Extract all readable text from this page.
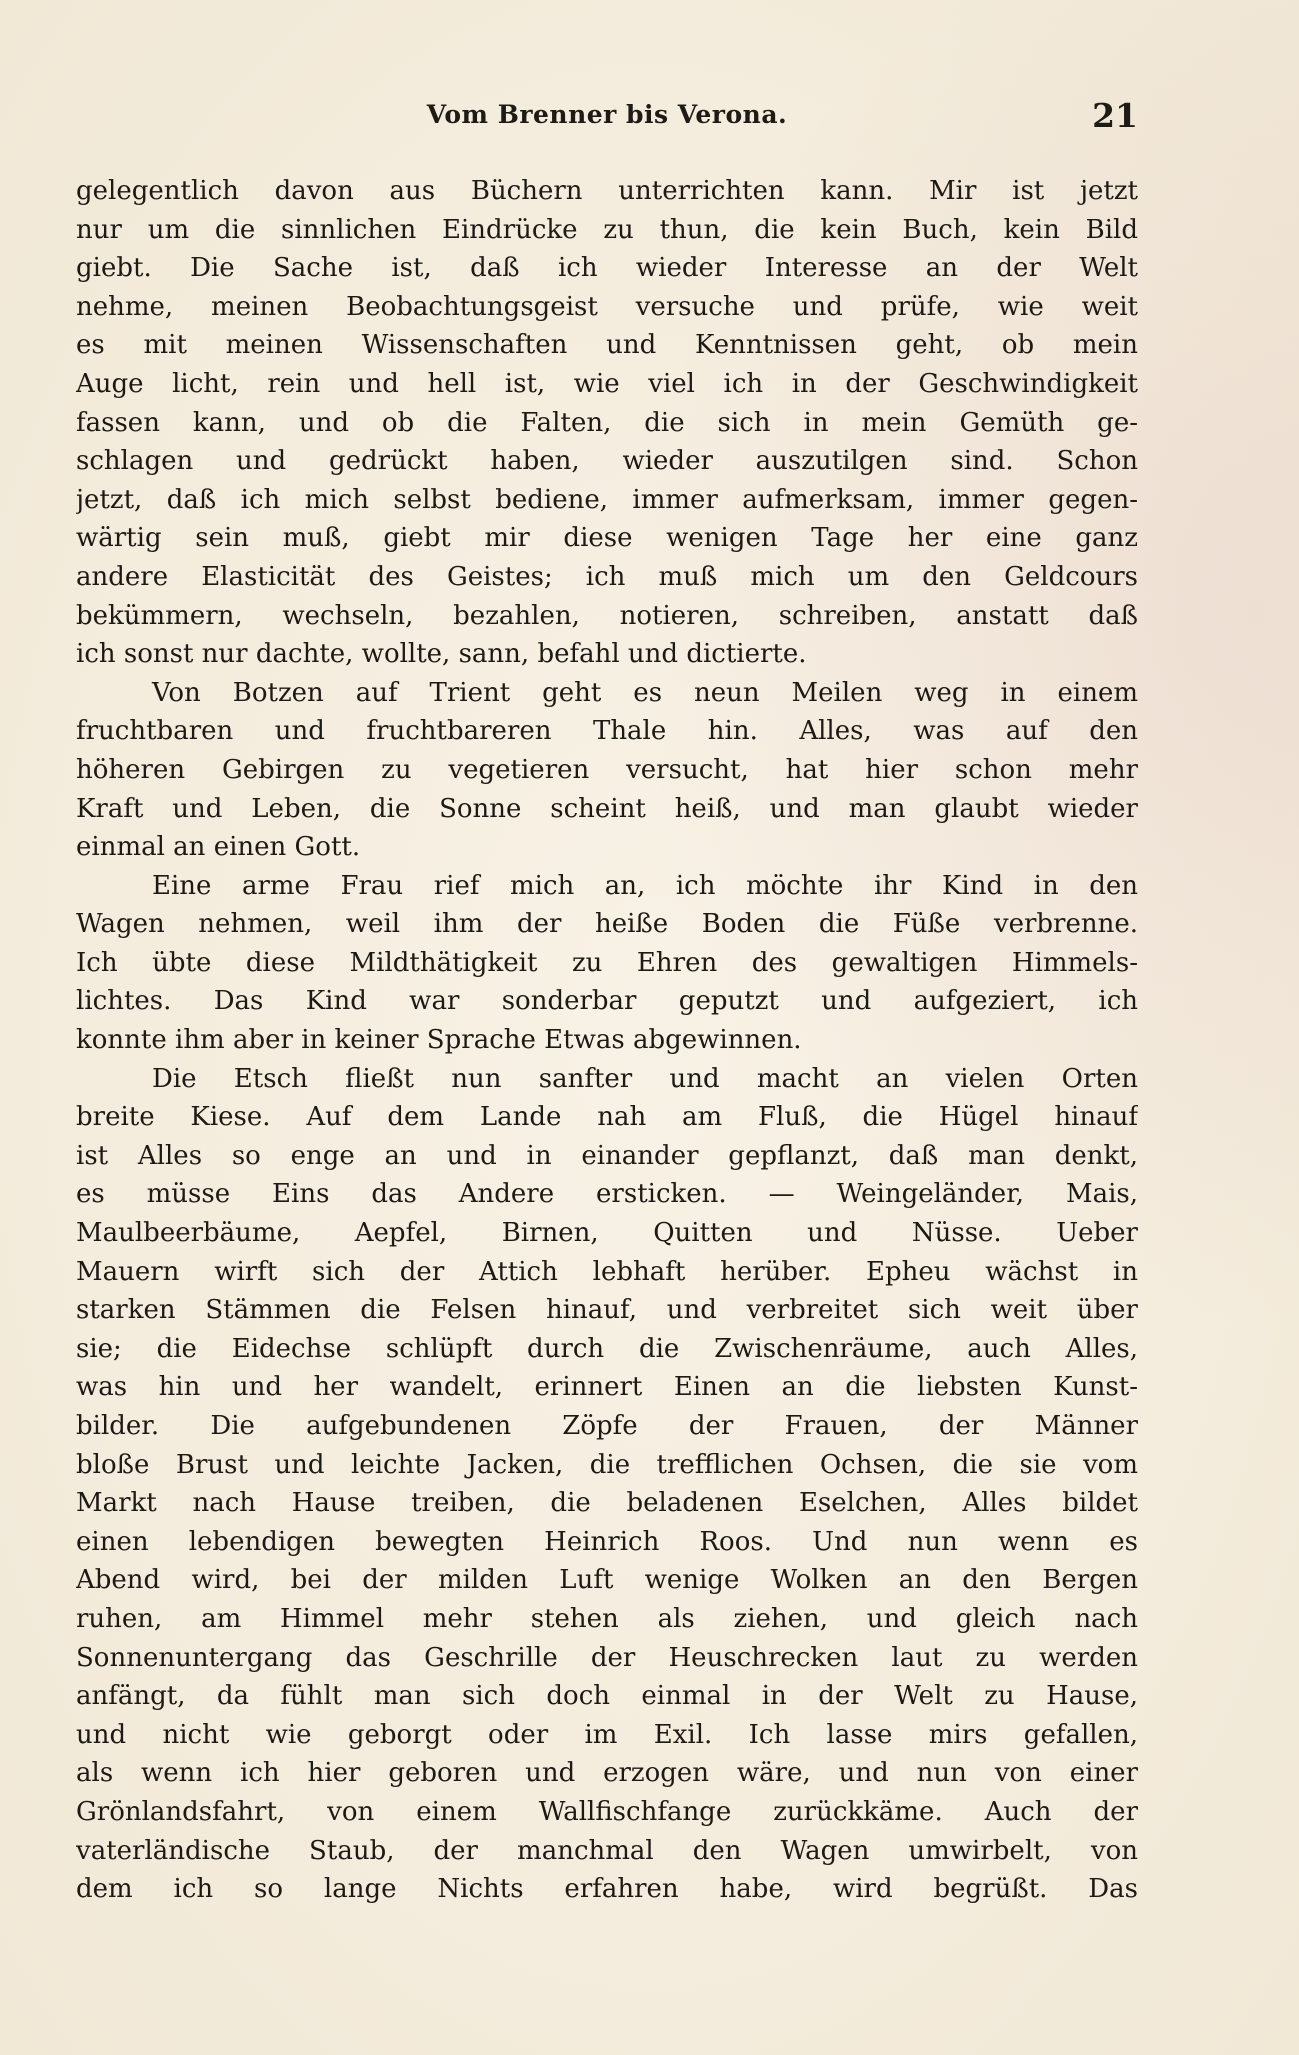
Vom Brenner bis Verona.	21
gelegentlich davon aus Büchern unterrichten kann. Mir ist jetzt
nur um die sinnlichen Eindrücke zu thun, die kein Buch, kein Bild
giebt. Die Sache ist, daß ich wieder Interesse an der Welt
nehme, meinen Beobachtungsgeist versuche und prüfe, wie weit
es mit meinen Wissenschaften und Kenntnissen geht, ob mein
Auge licht, rein und hell ist, wie viel ich in der Geschwindigkeit
fassen kann, und ob die Falten, die sich in mein Gemüth ge-
schlagen und gedrückt haben, wieder auszutilgen sind. Schon
jetzt, daß ich mich selbst bediene, immer aufmerksam, immer gegen-
wärtig sein muß, giebt mir diese wenigen Tage her eine ganz
andere Elasticität des Geistes; ich muß mich um den Geldcours
bekümmern, wechseln, bezahlen, notieren, schreiben, anstatt daß
ich sonst nur dachte, wollte, sann, befahl und dictierte.
Von Botzen auf Trient geht es neun Meilen weg in einem
fruchtbaren und fruchtbareren Thale hin. Alles, was auf den
höheren Gebirgen zu vegetieren versucht, hat hier schon mehr
Kraft und Leben, die Sonne scheint heiß, und man glaubt wieder
einmal an einen Gott.
Eine arme Frau rief mich an, ich möchte ihr Kind in den
Wagen nehmen, weil ihm der heiße Boden die Füße verbrenne.
Ich übte diese Mildthätigkeit zu Ehren des gewaltigen Himmels-
lichtes. Das Kind war sonderbar geputzt und aufgeziert, ich
konnte ihm aber in keiner Sprache Etwas abgewinnen.
Die Etsch fließt nun sanfter und macht an vielen Orten
breite Kiese. Auf dem Lande nah am Fluß, die Hügel hinauf
ist Alles so enge an und in einander gepflanzt, daß man denkt,
es müsse Eins das Andere ersticken. — Weingeländer, Mais,
Maulbeerbäume, Aepfel, Birnen, Quitten und Nüsse. Ueber
Mauern wirft sich der Attich lebhaft herüber. Epheu wächst in
starken Stämmen die Felsen hinauf, und verbreitet sich weit über
sie; die Eidechse schlüpft durch die Zwischenräume, auch Alles,
was hin und her wandelt, erinnert Einen an die liebsten Kunst-
bilder. Die aufgebundenen Zöpfe der Frauen, der Männer
bloße Brust und leichte Jacken, die trefflichen Ochsen, die sie vom
Markt nach Hause treiben, die beladenen Eselchen, Alles bildet
einen lebendigen bewegten Heinrich Roos. Und nun wenn es
Abend wird, bei der milden Luft wenige Wolken an den Bergen
ruhen, am Himmel mehr stehen als ziehen, und gleich nach
Sonnenuntergang das Geschrille der Heuschrecken laut zu werden
anfängt, da fühlt man sich doch einmal in der Welt zu Hause,
und nicht wie geborgt oder im Exil. Ich lasse mirs gefallen,
als wenn ich hier geboren und erzogen wäre, und nun von einer
Grönlandsfahrt, von einem Wallfischfange zurückkäme. Auch der
vaterländische Staub, der manchmal den Wagen umwirbelt, von
dem ich so lange Nichts erfahren habe, wird begrüßt. Das
